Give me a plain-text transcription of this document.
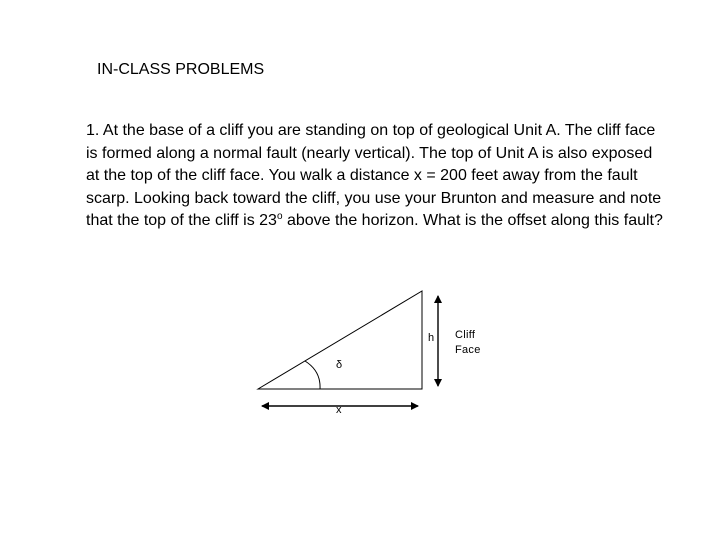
IN-CLASS PROBLEMS
1. At the base of a cliff you are standing on top of geological Unit A. The cliff face is formed along a normal fault (nearly vertical). The top of Unit A is also exposed at the top of the cliff face. You walk a distance x = 200 feet away from the fault scarp. Looking back toward the cliff, you use your Brunton and measure and note that the top of the cliff is 23$^o$ above the horizon. What is the offset along this fault?
h Cliff
Face
δ
x
